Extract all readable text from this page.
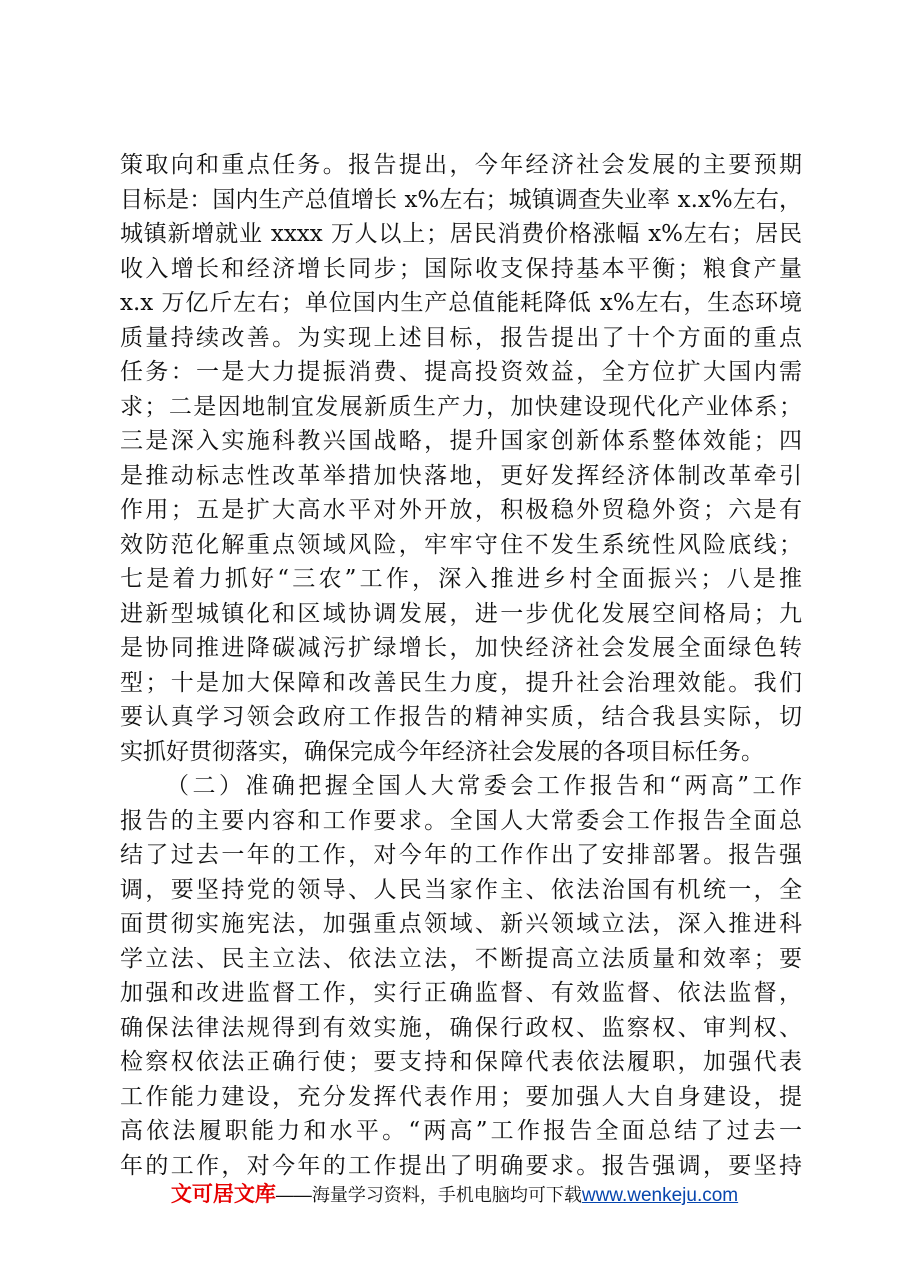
策取向和重点任务。报告提出，今年经济社会发展的主要预期
目标是：国内生产总值增长 x%左右；城镇调查失业率 x.x%左右，
城镇新增就业 xxxx 万人以上；居民消费价格涨幅 x%左右；居民
收入增长和经济增长同步；国际收支保持基本平衡；粮食产量
x.x 万亿斤左右；单位国内生产总值能耗降低 x%左右，生态环境
质量持续改善。为实现上述目标，报告提出了十个方面的重点
任务：一是大力提振消费、提高投资效益，全方位扩大国内需
求；二是因地制宜发展新质生产力，加快建设现代化产业体系；
三是深入实施科教兴国战略，提升国家创新体系整体效能；四
是推动标志性改革举措加快落地，更好发挥经济体制改革牵引
作用；五是扩大高水平对外开放，积极稳外贸稳外资；六是有
效防范化解重点领域风险，牢牢守住不发生系统性风险底线；
七是着力抓好“三农”工作，深入推进乡村全面振兴；八是推
进新型城镇化和区域协调发展，进一步优化发展空间格局；九
是协同推进降碳减污扩绿增长，加快经济社会发展全面绿色转
型；十是加大保障和改善民生力度，提升社会治理效能。我们
要认真学习领会政府工作报告的精神实质，结合我县实际，切
实抓好贯彻落实，确保完成今年经济社会发展的各项目标任务。
（二）准确把握全国人大常委会工作报告和“两高”工作
报告的主要内容和工作要求。全国人大常委会工作报告全面总
结了过去一年的工作，对今年的工作作出了安排部署。报告强
调，要坚持党的领导、人民当家作主、依法治国有机统一，全
面贯彻实施宪法，加强重点领域、新兴领域立法，深入推进科
学立法、民主立法、依法立法，不断提高立法质量和效率；要
加强和改进监督工作，实行正确监督、有效监督、依法监督，
确保法律法规得到有效实施，确保行政权、监察权、审判权、
检察权依法正确行使；要支持和保障代表依法履职，加强代表
工作能力建设，充分发挥代表作用；要加强人大自身建设，提
高依法履职能力和水平。“两高”工作报告全面总结了过去一
年的工作，对今年的工作提出了明确要求。报告强调，要坚持
文可居文库——海量学习资料，手机电脑均可下载www.wenkeju.com
